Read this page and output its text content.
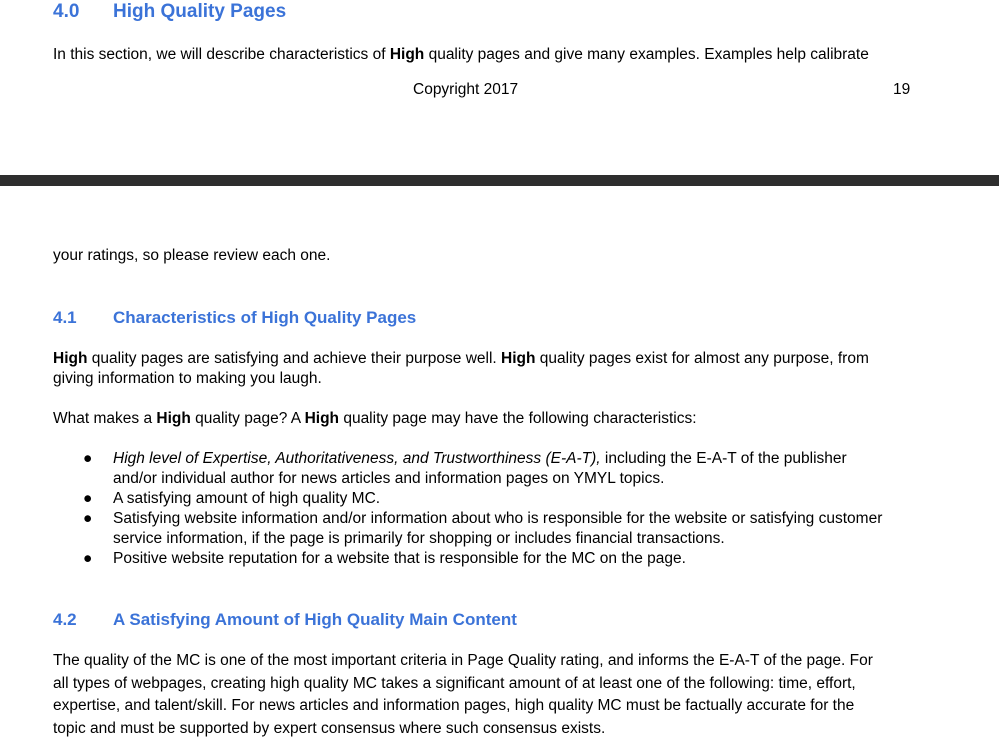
4.0 High Quality Pages
In this section, we will describe characteristics of High quality pages and give many examples. Examples help calibrate
Copyright 2017	19
your ratings, so please review each one.
4.1 Characteristics of High Quality Pages
High quality pages are satisfying and achieve their purpose well. High quality pages exist for almost any purpose, from
giving information to making you laugh.
What makes a High quality page? A High quality page may have the following characteristics:
● High level of Expertise, Authoritativeness, and Trustworthiness (E-A-T), including the E-A-T of the publisher
and/or individual author for news articles and information pages on YMYL topics.
● A satisfying amount of high quality MC.
● Satisfying website information and/or information about who is responsible for the website or satisfying customer
service information, if the page is primarily for shopping or includes financial transactions.
● Positive website reputation for a website that is responsible for the MC on the page.
4.2 A Satisfying Amount of High Quality Main Content
The quality of the MC is one of the most important criteria in Page Quality rating, and informs the E-A-T of the page. For
all types of webpages, creating high quality MC takes a significant amount of at least one of the following: time, effort,
expertise, and talent/skill. For news articles and information pages, high quality MC must be factually accurate for the
topic and must be supported by expert consensus where such consensus exists.
